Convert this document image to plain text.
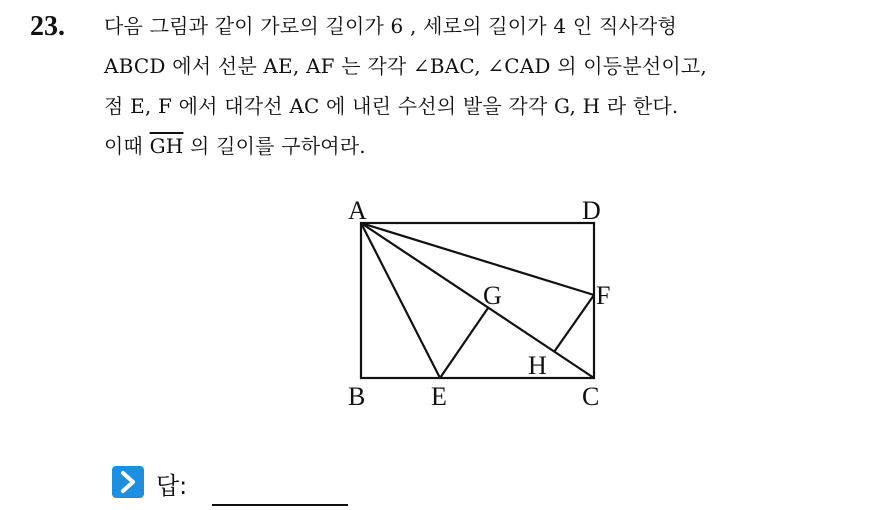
23. 다음 그림과 같이 가로의 길이가 6 , 세로의 길이가 4 인 직사각형
ABCD 에서 선분 AE, AF 는 각각 ∠BAC, ∠CAD 의 이등분선이고,
점 E, F 에서 대각선 AC 에 내린 수선의 발을 각각 G, H 라 한다.
이때 $\overline{GH}$ 의 길이를 구하여라.
A	D
B	E	C
F
G
H
답:
